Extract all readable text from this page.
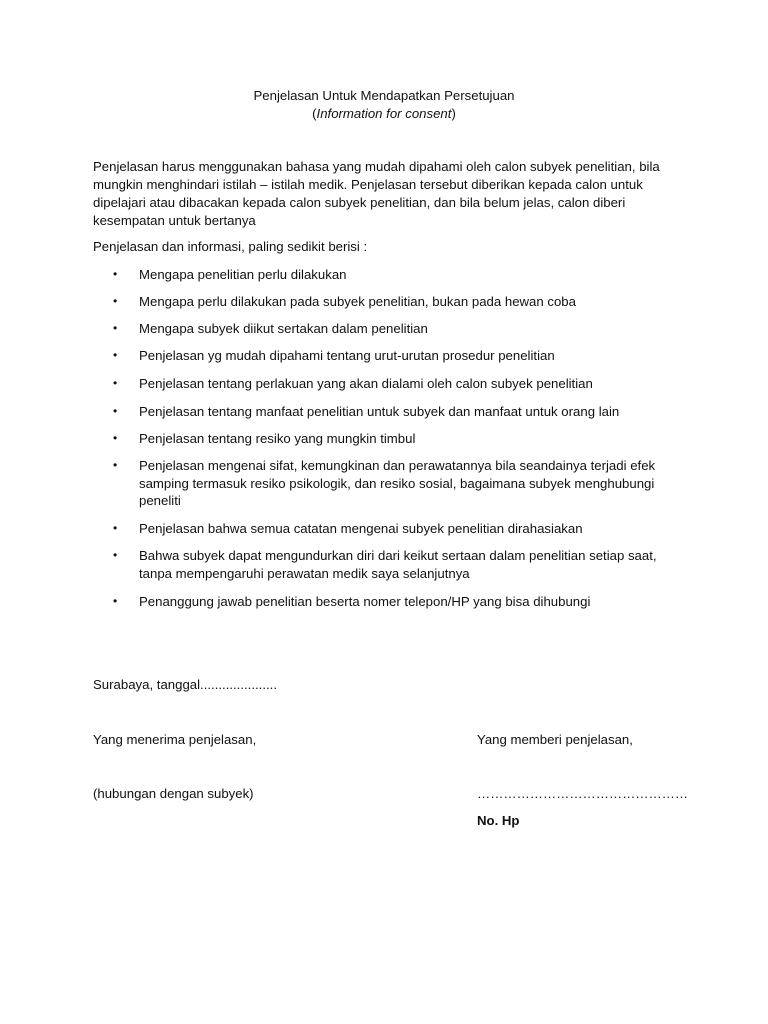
Penjelasan Untuk Mendapatkan Persetujuan
(Information for consent)

Penjelasan harus menggunakan bahasa yang mudah dipahami oleh calon subyek penelitian, bila mungkin menghindari istilah – istilah medik. Penjelasan tersebut diberikan kepada calon untuk dipelajari atau dibacakan kepada calon subyek penelitian, dan bila belum jelas, calon diberi kesempatan untuk bertanya

Penjelasan dan informasi, paling sedikit berisi :

•	Mengapa penelitian perlu dilakukan
•	Mengapa perlu dilakukan pada subyek penelitian, bukan pada hewan coba
•	Mengapa subyek diikut sertakan dalam penelitian
•	Penjelasan yg mudah dipahami tentang urut-urutan prosedur penelitian
•	Penjelasan tentang perlakuan yang akan dialami oleh calon subyek penelitian
•	Penjelasan tentang manfaat penelitian untuk subyek dan manfaat untuk orang lain
•	Penjelasan tentang resiko yang mungkin timbul
•	Penjelasan mengenai sifat, kemungkinan dan perawatannya bila seandainya terjadi efek samping termasuk resiko psikologik, dan resiko sosial, bagaimana subyek menghubungi peneliti
•	Penjelasan bahwa semua catatan mengenai subyek penelitian dirahasiakan
•	Bahwa subyek dapat mengundurkan diri dari keikut sertaan dalam penelitian setiap saat, tanpa mempengaruhi perawatan medik saya selanjutnya
•	Penanggung jawab penelitian beserta nomer telepon/HP yang bisa dihubungi

Surabaya, tanggal.....................

Yang menerima penjelasan,	Yang memberi penjelasan,

(hubungan dengan subyek)	…………………………………………

No. Hp
